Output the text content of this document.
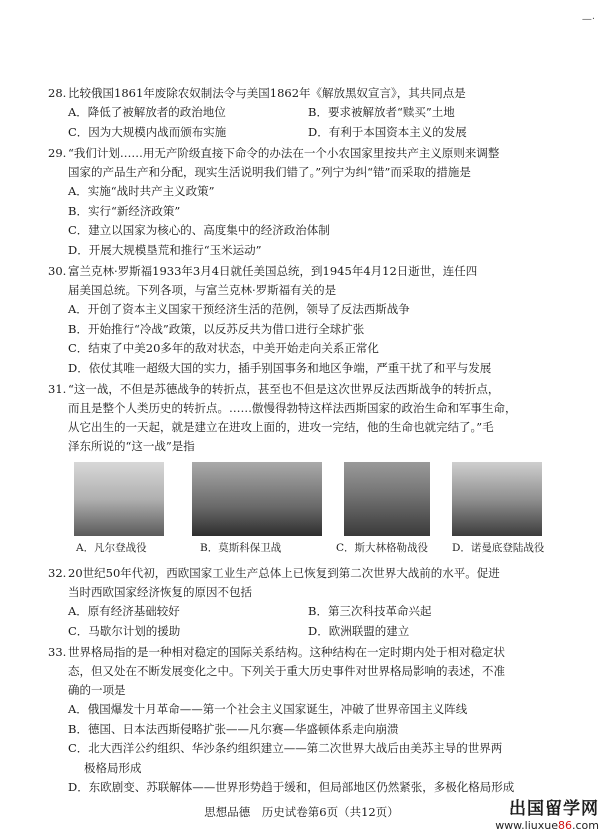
—·
28. 比较俄国1861年废除农奴制法令与美国1862年《解放黑奴宣言》，其共同点是
A．降低了被解放者的政治地位	B．要求被解放者“赎买”土地
C．因为大规模内战而颁布实施	D．有利于本国资本主义的发展
29. “我们计划……用无产阶级直接下命令的办法在一个小农国家里按共产主义原则来调整
国家的产品生产和分配，现实生活说明我们错了。”列宁为纠“错”而采取的措施是
A．实施“战时共产主义政策”
B．实行“新经济政策”
C．建立以国家为核心的、高度集中的经济政治体制
D．开展大规模垦荒和推行“玉米运动”
30. 富兰克林·罗斯福1933年3月4日就任美国总统，到1945年4月12日逝世，连任四
届美国总统。下列各项，与富兰克林·罗斯福有关的是
A．开创了资本主义国家干预经济生活的范例，领导了反法西斯战争
B．开始推行“冷战”政策，以反苏反共为借口进行全球扩张
C．结束了中美20多年的敌对状态，中美开始走向关系正常化
D．依仗其唯一超级大国的实力，插手别国事务和地区争端，严重干扰了和平与发展
31. “这一战，不但是苏德战争的转折点，甚至也不但是这次世界反法西斯战争的转折点，
而且是整个人类历史的转折点。……傲慢得勃特这样法西斯国家的政治生命和军事生命，
从它出生的一天起，就是建立在进攻上面的，进攻一完结，他的生命也就完结了。”毛
泽东所说的“这一战”是指
A．凡尔登战役	B．莫斯科保卫战	C．斯大林格勒战役 D．诺曼底登陆战役
32. 20世纪50年代初，西欧国家工业生产总体上已恢复到第二次世界大战前的水平。促进
当时西欧国家经济恢复的原因不包括
A．原有经济基础较好	B．第三次科技革命兴起
C．马歇尔计划的援助	D．欧洲联盟的建立
33. 世界格局指的是一种相对稳定的国际关系结构。这种结构在一定时期内处于相对稳定状
态，但又处在不断发展变化之中。下列关于重大历史事件对世界格局影响的表述，不准
确的一项是
A．俄国爆发十月革命——第一个社会主义国家诞生，冲破了世界帝国主义阵线
B．德国、日本法西斯侵略扩张——凡尔赛—华盛顿体系走向崩溃
C．北大西洋公约组织、华沙条约组织建立——第二次世界大战后由美苏主导的世界两
极格局形成
D．东欧剧变、苏联解体——世界形势趋于缓和，但局部地区仍然紧张，多极化格局形成
思想品德　历史试卷第6页（共12页）	出国留学网
www.liuxue86.com
